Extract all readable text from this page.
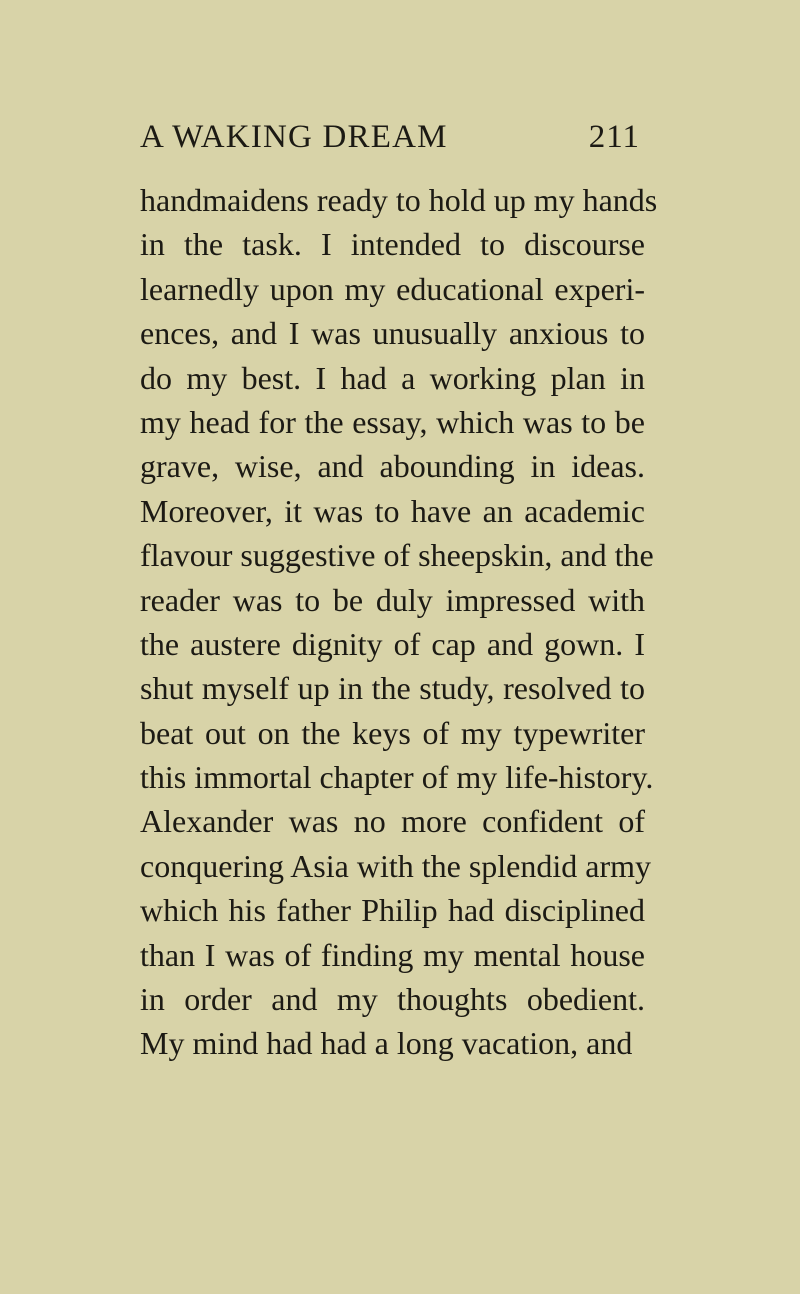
A WAKING DREAM	211
handmaidens ready to hold up my hands
in the task. I intended to discourse
learnedly upon my educational experi-
ences, and I was unusually anxious to
do my best. I had a working plan in
my head for the essay, which was to be
grave, wise, and abounding in ideas.
Moreover, it was to have an academic
flavour suggestive of sheepskin, and the
reader was to be duly impressed with
the austere dignity of cap and gown. I
shut myself up in the study, resolved to
beat out on the keys of my typewriter
this immortal chapter of my life-history.
Alexander was no more confident of
conquering Asia with the splendid army
which his father Philip had disciplined
than I was of finding my mental house
in order and my thoughts obedient.
My mind had had a long vacation, and
